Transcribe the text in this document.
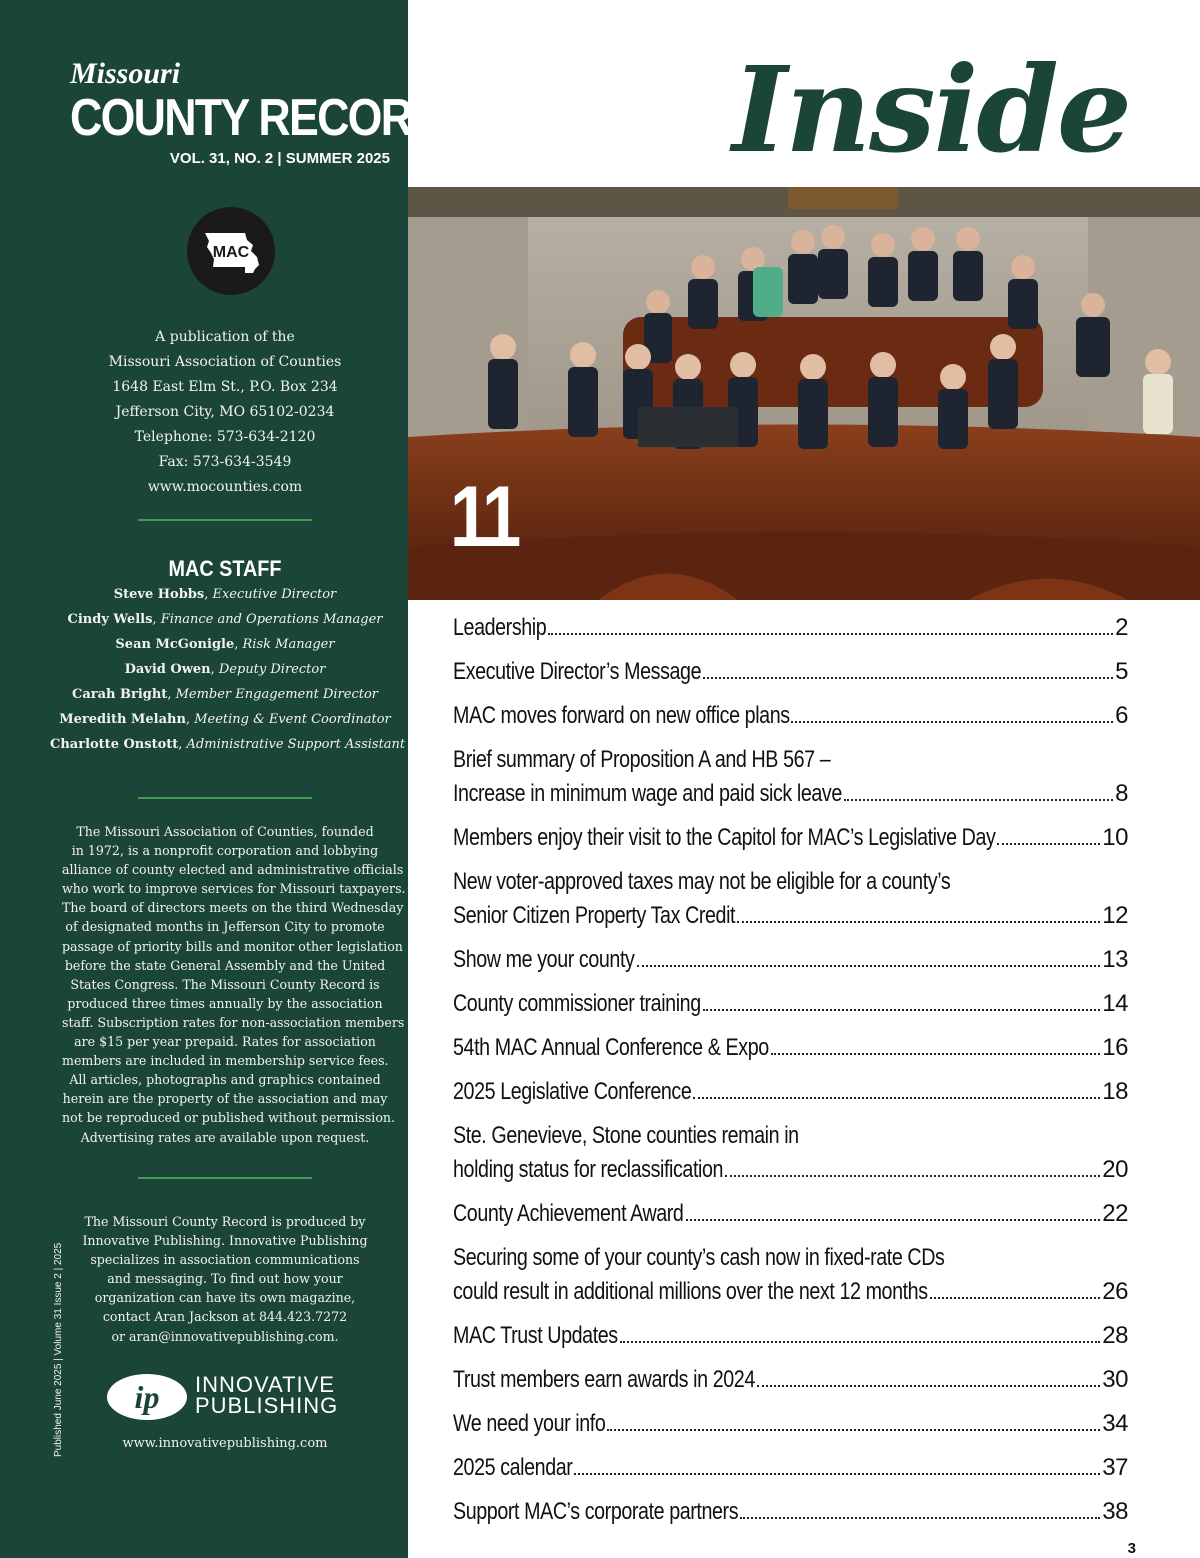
Missouri
COUNTY RECORD
VOL. 31, NO. 2 | SUMMER 2025
MAC
A publication of the
Missouri Association of Counties
1648 East Elm St., P.O. Box 234
Jefferson City, MO 65102-0234
Telephone: 573-634-2120
Fax: 573-634-3549
www.mocounties.com
MAC STAFF
Steve Hobbs, Executive Director
Cindy Wells, Finance and Operations Manager
Sean McGonigle, Risk Manager
David Owen, Deputy Director
Carah Bright, Member Engagement Director
Meredith Melahn, Meeting & Event Coordinator
Charlotte Onstott, Administrative Support Assistant
The Missouri Association of Counties, founded
in 1972, is a nonprofit corporation and lobbying
alliance of county elected and administrative officials
who work to improve services for Missouri taxpayers.
The board of directors meets on the third Wednesday
of designated months in Jefferson City to promote
passage of priority bills and monitor other legislation
before the state General Assembly and the United
States Congress. The Missouri County Record is
produced three times annually by the association
staff. Subscription rates for non-association members
are $15 per year prepaid. Rates for association
members are included in membership service fees.
All articles, photographs and graphics contained
herein are the property of the association and may
not be reproduced or published without permission.
Advertising rates are available upon request.
The Missouri County Record is produced by
Innovative Publishing. Innovative Publishing
specializes in association communications
and messaging. To find out how your
organization can have its own magazine,
contact Aran Jackson at 844.423.7272
or aran@innovativepublishing.com.
Published June 2025 | Volume 31 Issue 2 | 2025	ip	INNOVATIVE
PUBLISHING
www.innovativepublishing.com
Inside
11
Leadership	2
Executive Director’s Message	5
MAC moves forward on new office plans	6
Brief summary of Proposition A and HB 567 –
Increase in minimum wage and paid sick leave	8
Members enjoy their visit to the Capitol for MAC’s Legislative Day	10
New voter-approved taxes may not be eligible for a county’s
Senior Citizen Property Tax Credit	12
Show me your county	13
County commissioner training	14
54th MAC Annual Conference & Expo	16
2025 Legislative Conference	18
Ste. Genevieve, Stone counties remain in
holding status for reclassification	20
County Achievement Award	22
Securing some of your county’s cash now in fixed-rate CDs
could result in additional millions over the next 12 months	26
MAC Trust Updates	28
Trust members earn awards in 2024	30
We need your info	34
2025 calendar	37
Support MAC’s corporate partners	38
3
